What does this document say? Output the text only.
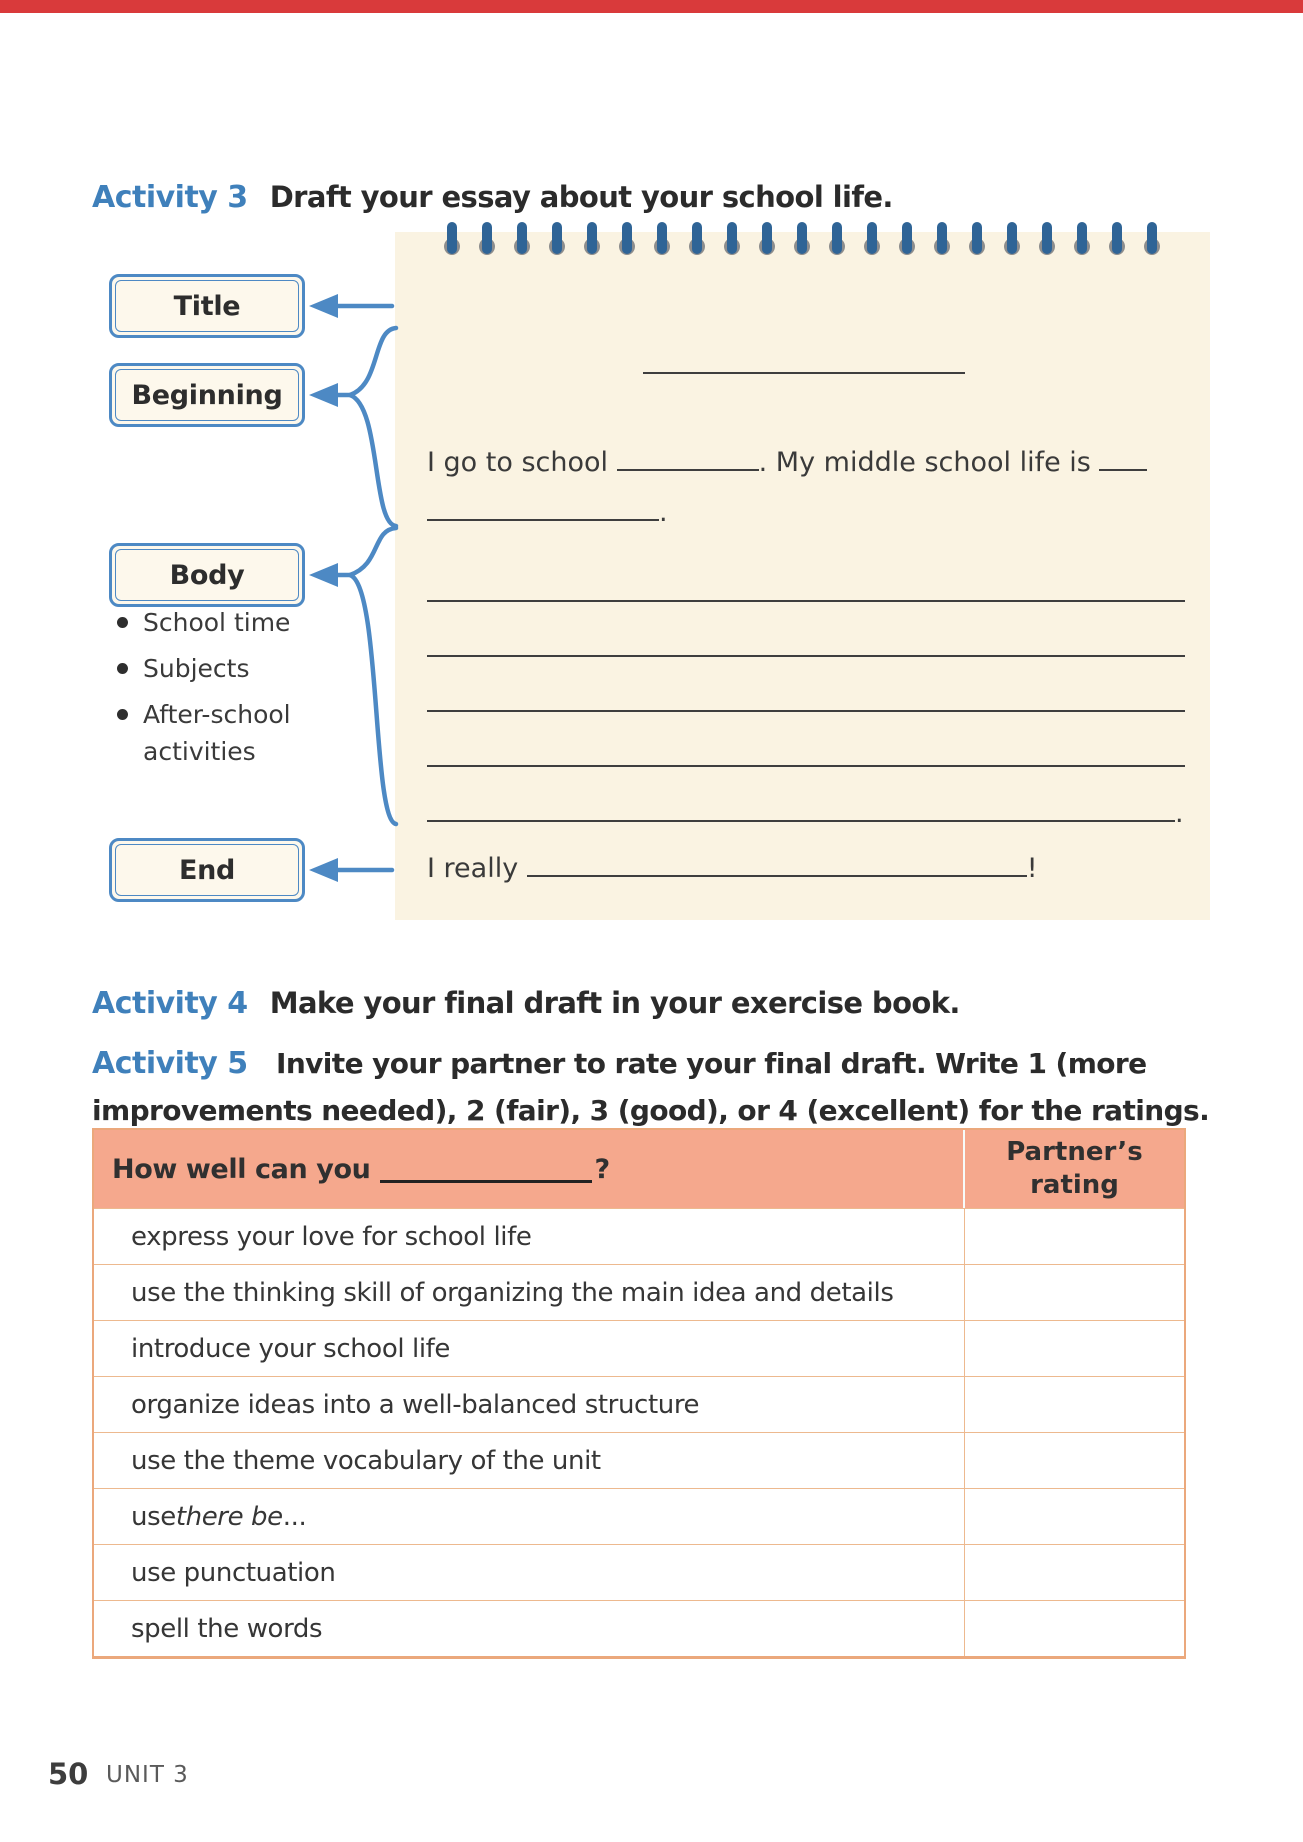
Activity 3 Draft your essay about your school life.
I go to school	. My middle school life is
.
.
I really	!
Title
Beginning
Body
End
School time
Subjects
After-school activities
Activity 4 Make your final draft in your exercise book.
Activity 5 Invite your partner to rate your final draft. Write 1 (more improvements needed), 2 (fair), 3 (good), or 4 (excellent) for the ratings.
How well can you	?
Partner’s
rating
express your love for school life
use the thinking skill of organizing the main idea and details
introduce your school life
organize ideas into a well-balanced structure
use the theme vocabulary of the unit
use there be ...
use punctuation
spell the words
50 UNIT 3
